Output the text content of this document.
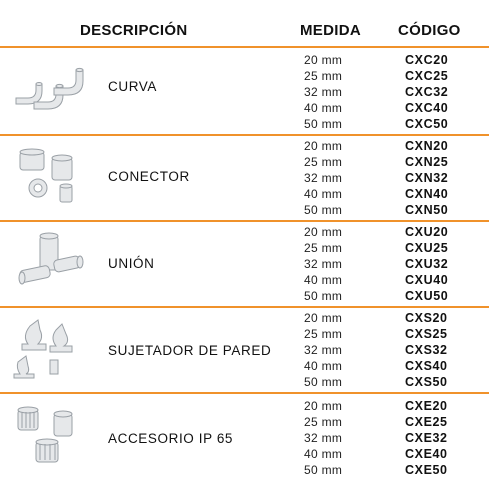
DESCRIPCIÓN	MEDIDA CÓDIGO
CURVA
20 mm
25 mm
32 mm
40 mm
50 mm
CXC20
CXC25
CXC32
CXC40
CXC50
CONECTOR
20 mm
25 mm
32 mm
40 mm
50 mm
CXN20
CXN25
CXN32
CXN40
CXN50
UNIÓN
20 mm
25 mm
32 mm
40 mm
50 mm
CXU20
CXU25
CXU32
CXU40
CXU50
SUJETADOR DE PARED
20 mm
25 mm
32 mm
40 mm
50 mm
CXS20
CXS25
CXS32
CXS40
CXS50
ACCESORIO IP 65
20 mm
25 mm
32 mm
40 mm
50 mm
CXE20
CXE25
CXE32
CXE40
CXE50
